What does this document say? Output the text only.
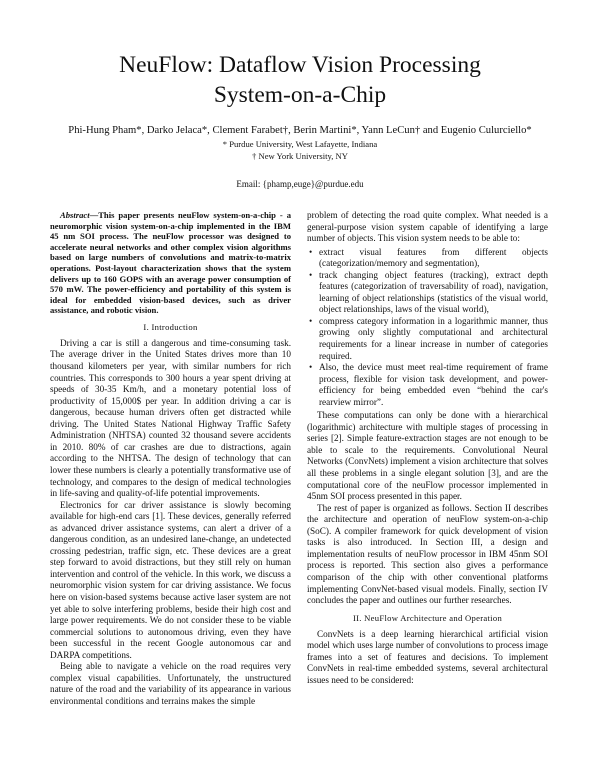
NeuFlow: Dataflow Vision Processing
System-on-a-Chip
Phi-Hung Pham*, Darko Jelaca*, Clement Farabet†, Berin Martini*, Yann LeCun† and Eugenio Culurciello*
* Purdue University, West Lafayette, Indiana
† New York University, NY
Email: {phamp,euge}@purdue.edu

Abstract—This paper presents neuFlow system-on-a-chip - a neuromorphic vision system-on-a-chip implemented in the IBM 45 nm SOI process. The neuFlow processor was designed to accelerate neural networks and other complex vision algorithms based on large numbers of convolutions and matrix-to-matrix operations. Post-layout characterization shows that the system delivers up to 160 GOPS with an average power consumption of 570 mW. The power-efficiency and portability of this system is ideal for embedded vision-based devices, such as driver assistance, and robotic vision.

I. Introduction

Driving a car is still a dangerous and time-consuming task. The average driver in the United States drives more than 10 thousand kilometers per year, with similar numbers for rich countries. This corresponds to 300 hours a year spent driving at speeds of 30-35 Km/h, and a monetary potential loss of productivity of 15,000$ per year. In addition driving a car is dangerous, because human drivers often get distracted while driving. The United States National Highway Traffic Safety Administration (NHTSA) counted 32 thousand severe accidents in 2010. 80% of car crashes are due to distractions, again according to the NHTSA. The design of technology that can lower these numbers is clearly a potentially transformative use of technology, and compares to the design of medical technologies in life-saving and quality-of-life potential improvements.

Electronics for car driver assistance is slowly becoming available for high-end cars [1]. These devices, generally referred as advanced driver assistance systems, can alert a driver of a dangerous condition, as an undesired lane-change, an undetected crossing pedestrian, traffic sign, etc. These devices are a great step forward to avoid distractions, but they still rely on human intervention and control of the vehicle. In this work, we discuss a neuromorphic vision system for car driving assistance. We focus here on vision-based systems because active laser system are not yet able to solve interfering problems, beside their high cost and large power requirements. We do not consider these to be viable commercial solutions to autonomous driving, even they have been successful in the recent Google autonomous car and DARPA competitions.

Being able to navigate a vehicle on the road requires very complex visual capabilities. Unfortunately, the unstructured nature of the road and the variability of its appearance in various environmental conditions and terrains makes the simple

problem of detecting the road quite complex. What needed is a general-purpose vision system capable of identifying a large number of objects. This vision system needs to be able to:

• extract visual features from different objects (categorization/memory and segmentation),
• track changing object features (tracking), extract depth features (categorization of traversability of road), navigation, learning of object relationships (statistics of the visual world, object relationships, laws of the visual world),
• compress category information in a logarithmic manner, thus growing only slightly computational and architectural requirements for a linear increase in number of categories required.
• Also, the device must meet real-time requirement of frame process, flexible for vision task development, and power-efficiency for being embedded even “behind the car's rearview mirror”.

These computations can only be done with a hierarchical (logarithmic) architecture with multiple stages of processing in series [2]. Simple feature-extraction stages are not enough to be able to scale to the requirements. Convolutional Neural Networks (ConvNets) implement a vision architecture that solves all these problems in a single elegant solution [3], and are the computational core of the neuFlow processor implemented in 45nm SOI process presented in this paper.

The rest of paper is organized as follows. Section II describes the architecture and operation of neuFlow system-on-a-chip (SoC). A compiler framework for quick development of vision tasks is also introduced. In Section III, a design and implementation results of neuFlow processor in IBM 45nm SOI process is reported. This section also gives a performance comparison of the chip with other conventional platforms implementing ConvNet-based visual models. Finally, section IV concludes the paper and outlines our further researches.

II. NeuFlow Architecture and Operation

ConvNets is a deep learning hierarchical artificial vision model which uses large number of convolutions to process image frames into a set of features and decisions. To implement ConvNets in real-time embedded systems, several architectural issues need to be considered:
